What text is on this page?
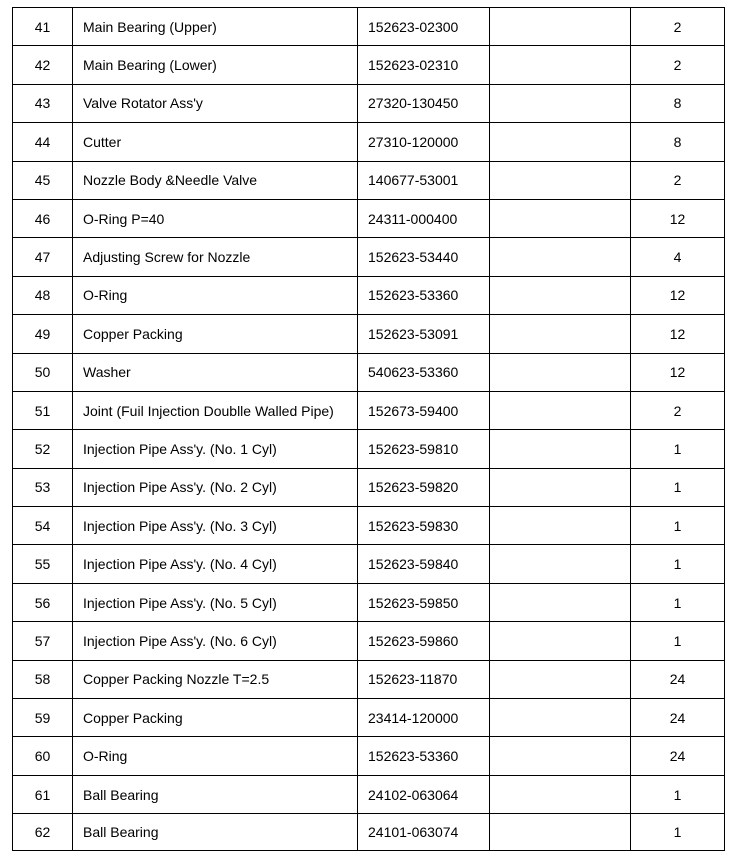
41	Main Bearing (Upper)	152623-02300		2
42	Main Bearing (Lower)	152623-02310		2
43	Valve Rotator Ass'y	27320-130450		8
44	Cutter	27310-120000		8
45	Nozzle Body &Needle Valve	140677-53001		2
46	O-Ring P=40	24311-000400		12
47	Adjusting Screw for Nozzle	152623-53440		4
48	O-Ring	152623-53360		12
49	Copper Packing	152623-53091		12
50	Washer	540623-53360		12
51	Joint (Fuil Injection Doublle Walled Pipe)	152673-59400		2
52	Injection Pipe Ass'y. (No. 1 Cyl)	152623-59810		1
53	Injection Pipe Ass'y. (No. 2 Cyl)	152623-59820		1
54	Injection Pipe Ass'y. (No. 3 Cyl)	152623-59830		1
55	Injection Pipe Ass'y. (No. 4 Cyl)	152623-59840		1
56	Injection Pipe Ass'y. (No. 5 Cyl)	152623-59850		1
57	Injection Pipe Ass'y. (No. 6 Cyl)	152623-59860		1
58	Copper Packing Nozzle T=2.5	152623-11870		24
59	Copper Packing	23414-120000		24
60	O-Ring	152623-53360		24
61	Ball Bearing	24102-063064		1
62	Ball Bearing	24101-063074		1
